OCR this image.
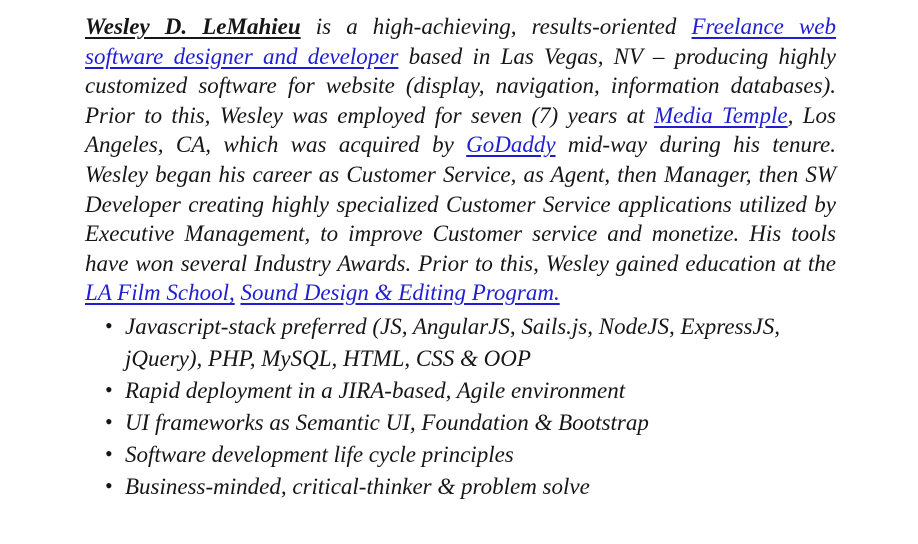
Wesley D. LeMahieu is a high-achieving, results-oriented Freelance web software designer and developer based in Las Vegas, NV – producing highly customized software for website (display, navigation, information databases). Prior to this, Wesley was employed for seven (7) years at Media Temple, Los Angeles, CA, which was acquired by GoDaddy mid-way during his tenure. Wesley began his career as Customer Service, as Agent, then Manager, then SW Developer creating highly specialized Customer Service applications utilized by Executive Management, to improve Customer service and monetize. His tools have won several Industry Awards. Prior to this, Wesley gained education at the LA Film School, Sound Design & Editing Program.

• Javascript-stack preferred (JS, AngularJS, Sails.js, NodeJS, ExpressJS, jQuery), PHP, MySQL, HTML, CSS & OOP
• Rapid deployment in a JIRA-based, Agile environment
• UI frameworks as Semantic UI, Foundation & Bootstrap
• Software development life cycle principles
• Business-minded, critical-thinker & problem solve
